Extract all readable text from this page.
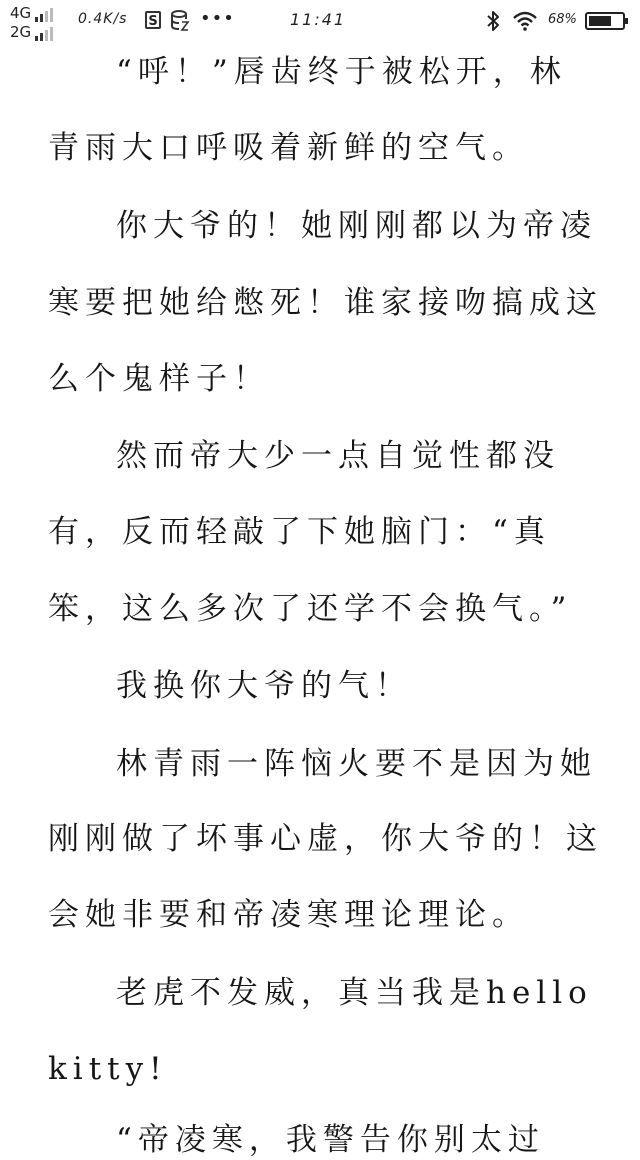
4G
2G
0.4K/s S •••	11:41	68%
“呼！”唇齿终于被松开，林
青雨大口呼吸着新鲜的空气。
你大爷的！她刚刚都以为帝凌
寒要把她给憋死！谁家接吻搞成这
么个鬼样子！
然而帝大少一点自觉性都没
有，反而轻敲了下她脑门：“真
笨，这么多次了还学不会换气。”
我换你大爷的气！
林青雨一阵恼火要不是因为她
刚刚做了坏事心虚，你大爷的！这
会她非要和帝凌寒理论理论。
老虎不发威，真当我是hello
kitty!
“帝凌寒，我警告你别太过
